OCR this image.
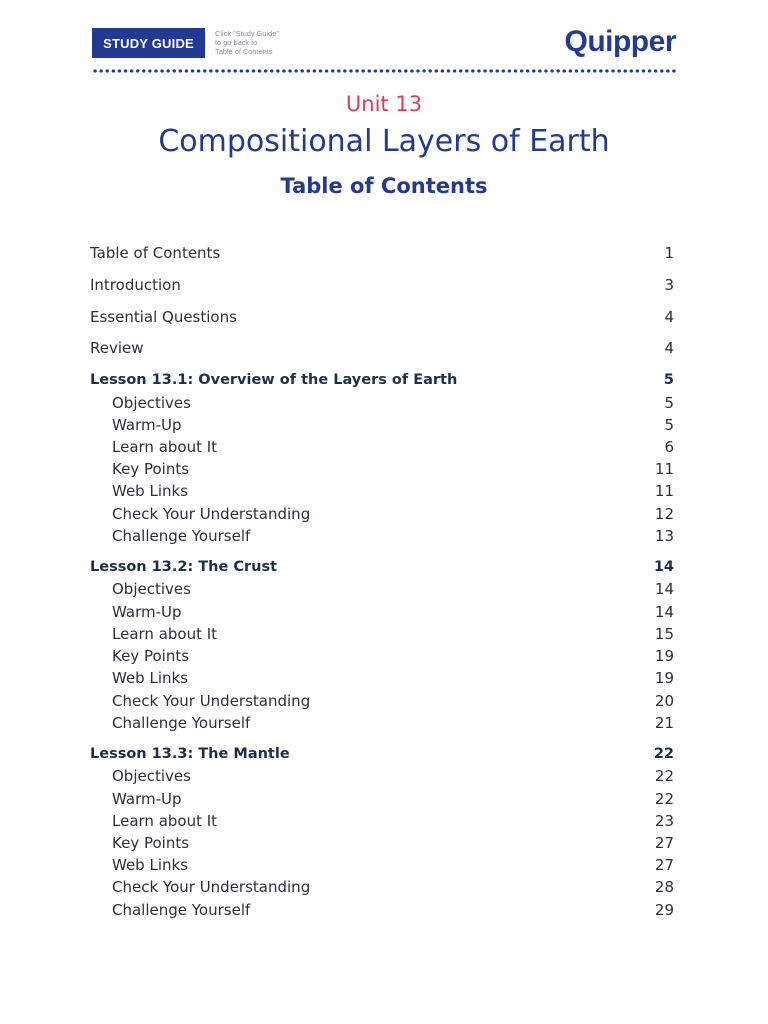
STUDY GUIDE
Click "Study Guide"
to go back to
Table of Contents	Quipper
Unit 13
Compositional Layers of Earth
Table of Contents
Table of Contents	1
Introduction	3
Essential Questions	4
Review	4
Lesson 13.1: Overview of the Layers of Earth	5
Objectives	5
Warm-Up	5
Learn about It	6
Key Points	11
Web Links	11
Check Your Understanding	12
Challenge Yourself	13
Lesson 13.2: The Crust	14
Objectives	14
Warm-Up	14
Learn about It	15
Key Points	19
Web Links	19
Check Your Understanding	20
Challenge Yourself	21
Lesson 13.3: The Mantle	22
Objectives	22
Warm-Up	22
Learn about It	23
Key Points	27
Web Links	27
Check Your Understanding	28
Challenge Yourself	29
